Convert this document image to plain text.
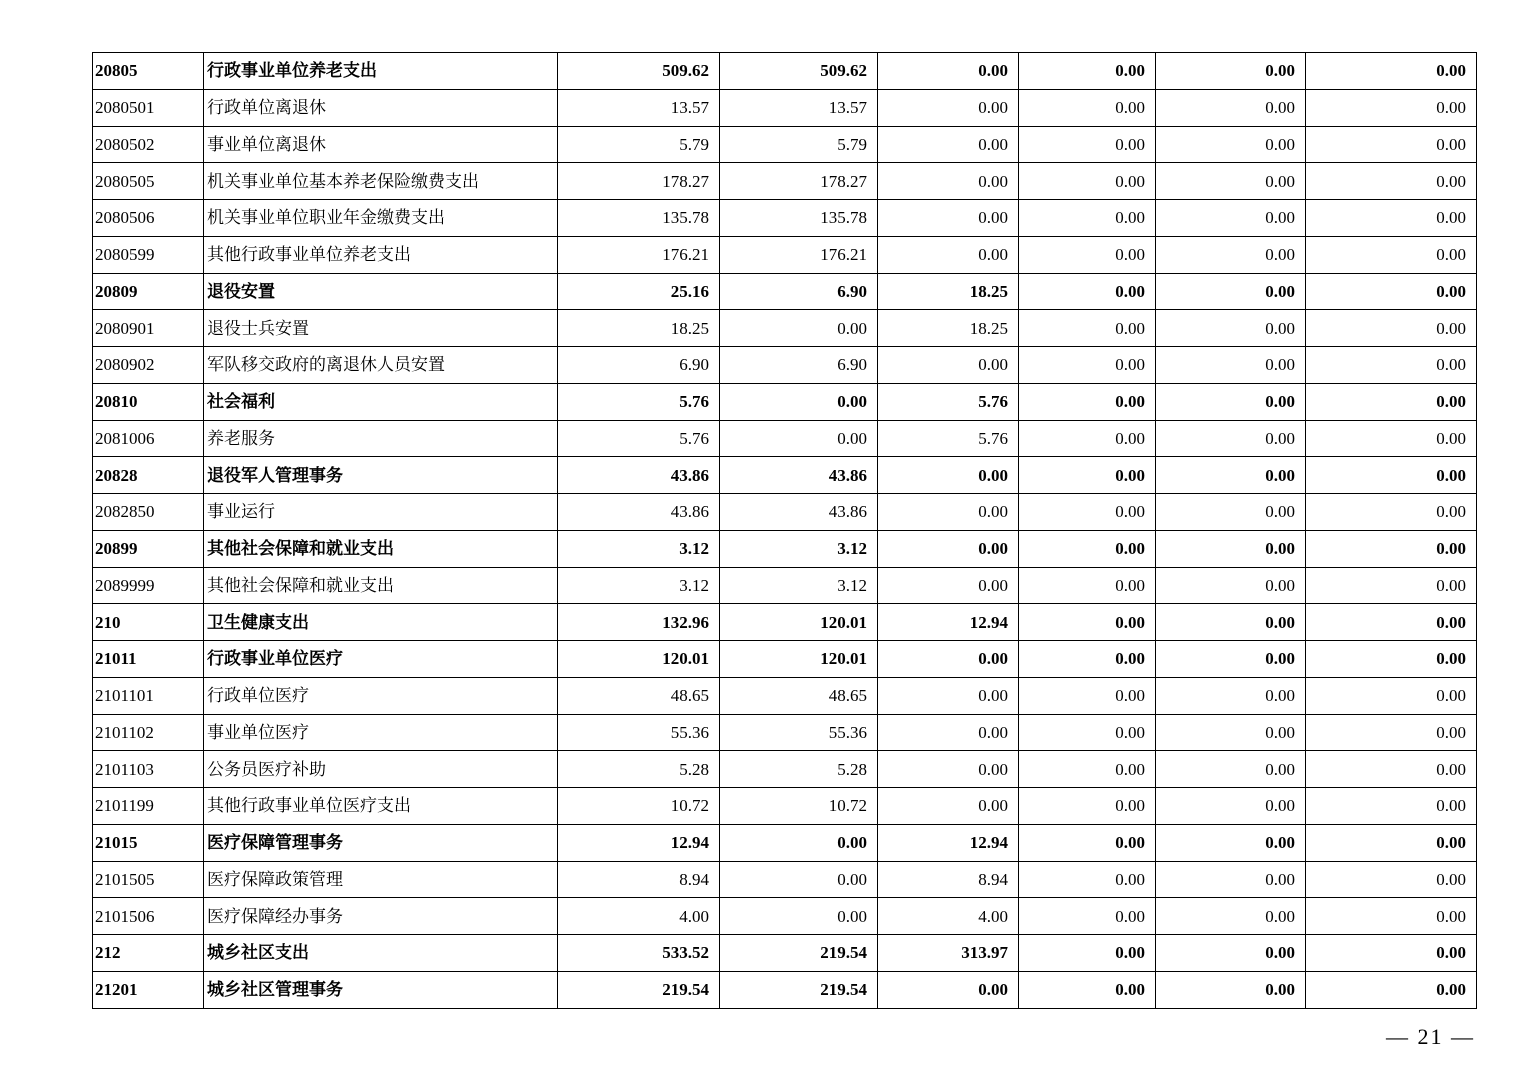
20805	行政事业单位养老支出	509.62	509.62	0.00	0.00	0.00	0.00
2080501	行政单位离退休	13.57	13.57	0.00	0.00	0.00	0.00
2080502	事业单位离退休	5.79	5.79	0.00	0.00	0.00	0.00
2080505	机关事业单位基本养老保险缴费支出	178.27	178.27	0.00	0.00	0.00	0.00
2080506	机关事业单位职业年金缴费支出	135.78	135.78	0.00	0.00	0.00	0.00
2080599	其他行政事业单位养老支出	176.21	176.21	0.00	0.00	0.00	0.00
20809	退役安置	25.16	6.90	18.25	0.00	0.00	0.00
2080901	退役士兵安置	18.25	0.00	18.25	0.00	0.00	0.00
2080902	军队移交政府的离退休人员安置	6.90	6.90	0.00	0.00	0.00	0.00
20810	社会福利	5.76	0.00	5.76	0.00	0.00	0.00
2081006	养老服务	5.76	0.00	5.76	0.00	0.00	0.00
20828	退役军人管理事务	43.86	43.86	0.00	0.00	0.00	0.00
2082850	事业运行	43.86	43.86	0.00	0.00	0.00	0.00
20899	其他社会保障和就业支出	3.12	3.12	0.00	0.00	0.00	0.00
2089999	其他社会保障和就业支出	3.12	3.12	0.00	0.00	0.00	0.00
210	卫生健康支出	132.96	120.01	12.94	0.00	0.00	0.00
21011	行政事业单位医疗	120.01	120.01	0.00	0.00	0.00	0.00
2101101	行政单位医疗	48.65	48.65	0.00	0.00	0.00	0.00
2101102	事业单位医疗	55.36	55.36	0.00	0.00	0.00	0.00
2101103	公务员医疗补助	5.28	5.28	0.00	0.00	0.00	0.00
2101199	其他行政事业单位医疗支出	10.72	10.72	0.00	0.00	0.00	0.00
21015	医疗保障管理事务	12.94	0.00	12.94	0.00	0.00	0.00
2101505	医疗保障政策管理	8.94	0.00	8.94	0.00	0.00	0.00
2101506	医疗保障经办事务	4.00	0.00	4.00	0.00	0.00	0.00
212	城乡社区支出	533.52	219.54	313.97	0.00	0.00	0.00
21201	城乡社区管理事务	219.54	219.54	0.00	0.00	0.00	0.00
— 21 —
